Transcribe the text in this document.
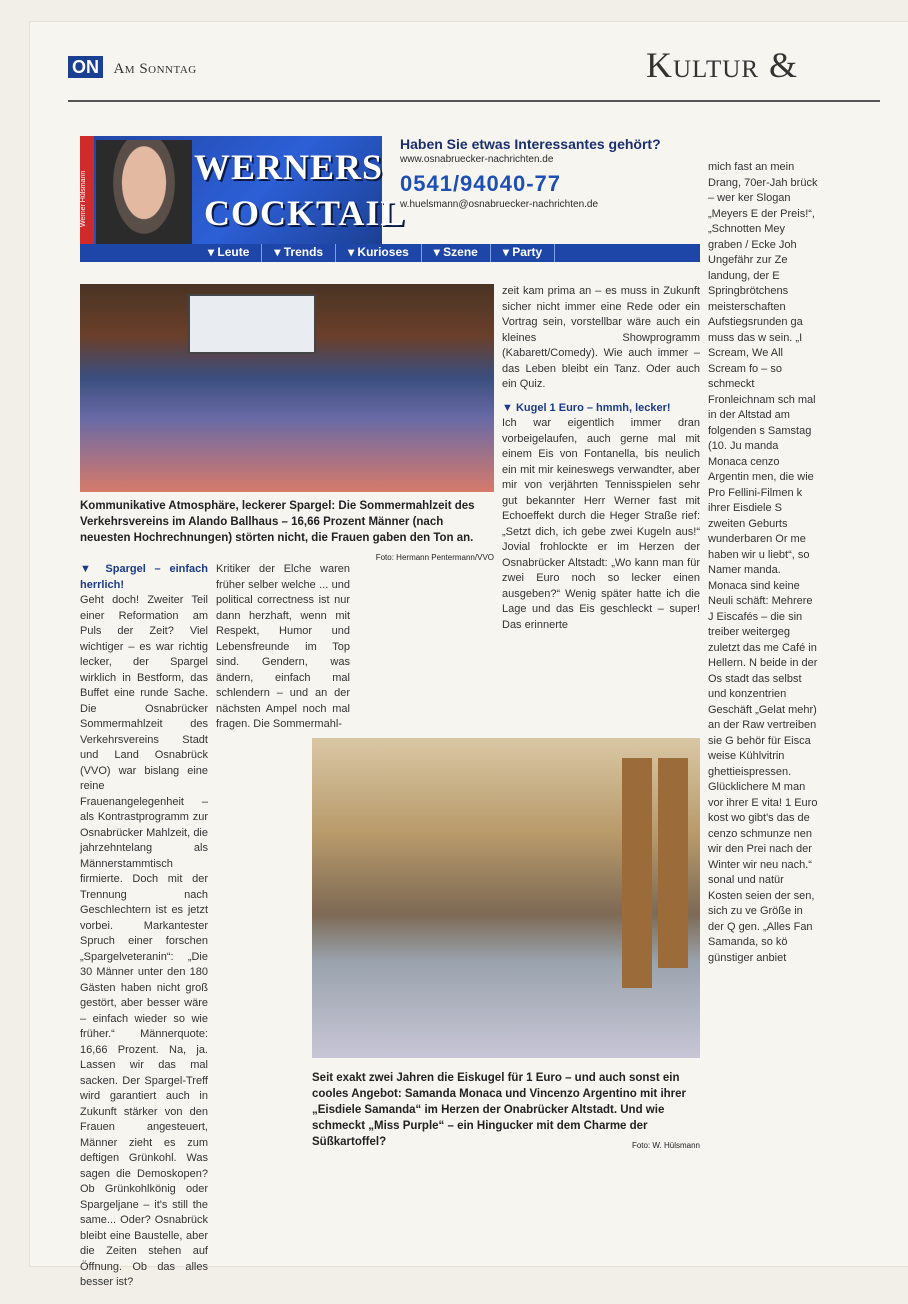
ON Am Sonntag	Kultur &
Werner Hülsmann
WERNERS
COCKTAIL
Haben Sie etwas Interessantes gehört?
www.osnabruecker-nachrichten.de
0541/94040-77
w.huelsmann@osnabruecker-nachrichten.de
▾ Leute	▾ Trends	▾ Kurioses	▾ Szene	▾ Party
Kommunikative Atmosphäre, leckerer Spargel: Die Sommermahlzeit des Verkehrsvereins im Alando Ballhaus – 16,66 Prozent Männer (nach neuesten Hochrechnungen) störten nicht, die Frauen gaben den Ton an.
Foto: Hermann Pentermann/VVO
▼ Spargel – einfach herrlich!
Geht doch! Zweiter Teil einer Reformation am Puls der Zeit? Viel wichtiger – es war richtig lecker, der Spargel wirklich in Bestform, das Buffet eine runde Sache. Die Osnabrücker Sommermahlzeit des Verkehrsvereins Stadt und Land Osnabrück (VVO) war bislang eine reine Frauenangelegenheit – als Kontrastprogramm zur Osnabrücker Mahlzeit, die jahrzehntelang als Männerstammtisch firmierte. Doch mit der Trennung nach Geschlechtern ist es jetzt vorbei. Markantester Spruch einer forschen „Spargelveteranin“: „Die 30 Männer unter den 180 Gästen haben nicht groß gestört, aber besser wäre – einfach wieder so wie früher.“ Männerquote: 16,66 Prozent. Na, ja. Lassen wir das mal sacken. Der Spargel-Treff wird garantiert auch in Zukunft stärker von den Frauen angesteuert, Männer zieht es zum deftigen Grünkohl. Was sagen die Demoskopen? Ob Grünkohlkönig oder Spargeljane – it's still the same... Oder? Osnabrück bleibt eine Baustelle, aber die Zeiten stehen auf Öffnung. Ob das alles besser ist?
Kritiker der Elche waren früher selber welche ... und political correctness ist nur dann herzhaft, wenn mit Respekt, Humor und Lebensfreunde im Top sind. Gendern, was ändern, einfach mal schlendern – und an der nächsten Ampel noch mal fragen. Die Sommermahl-
zeit kam prima an – es muss in Zukunft sicher nicht immer eine Rede oder ein Vortrag sein, vorstellbar wäre auch ein kleines Showprogramm (Kabarett/Comedy). Wie auch immer – das Leben bleibt ein Tanz. Oder auch ein Quiz.
▼ Kugel 1 Euro – hmmh, lecker!
Ich war eigentlich immer dran vorbeigelaufen, auch gerne mal mit einem Eis von Fontanella, bis neulich ein mit mir keineswegs verwandter, aber mir von verjährten Tennisspielen sehr gut bekannter Herr Werner fast mit Echoeffekt durch die Heger Straße rief: „Setzt dich, ich gebe zwei Kugeln aus!“ Jovial frohlockte er im Herzen der Osnabrücker Altstadt: „Wo kann man für zwei Euro noch so lecker einen ausgeben?“ Wenig später hatte ich die Lage und das Eis geschleckt – super! Das erinnerte
mich fast an mein Drang, 70er-Jah brück – wer ker Slogan „Meyers E der Preis!“, „Schnotten Mey graben / Ecke Joh Ungefähr zur Ze landung, der E Springbrötchens meisterschaften Aufstiegsrunden ga muss das w sein. „I Scream, We All Scream fo – so schmeckt Fronleichnam sch mal in der Altstad am folgenden s Samstag (10. Ju manda Monaca cenzo Argentin men, die wie Pro Fellini-Filmen k ihrer Eisdiele S zweiten Geburts wunderbaren Or me haben wir u liebt“, so Namer manda. Monaca sind keine Neuli schäft: Mehrere J Eiscafés – die sin treiber weitergeg zuletzt das me Café in Hellern. N beide in der Os stadt das selbst und konzentrien Geschäft „Gelat mehr) an der Raw vertreiben sie G behör für Eisca weise Kühlvitrin ghettieispressen. Glücklichere M man vor ihrer E vita! 1 Euro kost wo gibt's das de cenzo schmunze nen wir den Prei nach der Winter wir neu nach.“ sonal und natür Kosten seien der sen, sich zu ve Größe in der Q gen. „Alles Fan Samanda, so kö günstiger anbiet
Seit exakt zwei Jahren die Eiskugel für 1 Euro – und auch sonst ein cooles Angebot: Samanda Monaca und Vincenzo Argentino mit ihrer „Eisdiele Samanda“ im Herzen der Onabrücker Altstadt. Und wie schmeckt „Miss Purple“ – ein Hingucker mit dem Charme der Süßkartoffel?	Foto: W. Hülsmann
